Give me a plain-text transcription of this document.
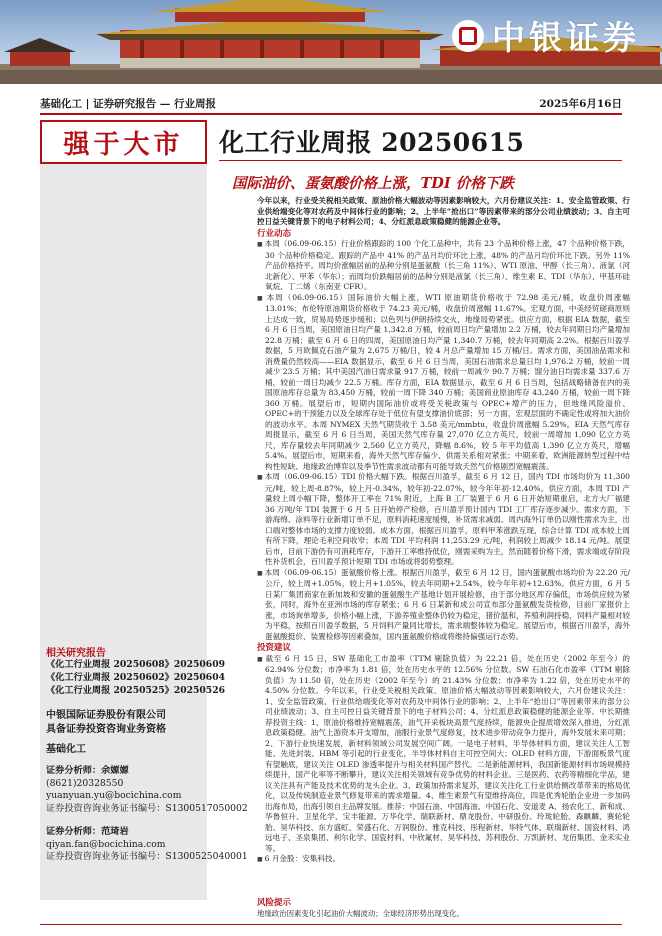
中银证券
基础化工 | 证券研究报告 — 行业周报	2025年6月16日
强于大市
相关研究报告
《化工行业周报 20250608》20250609
《化工行业周报 20250602》20250604
《化工行业周报 20250525》20250526
中银国际证券股份有限公司
具备证券投资咨询业务资格
基础化工
证券分析师：余嫄嫄
(8621)20328550
yuanyuan.yu@bocichina.com
证券投资咨询业务证书编号：S1300517050002
证券分析师：范琦岩
qiyan.fan@bocichina.com
证券投资咨询业务证书编号：S1300525040001
化工行业周报 20250615
国际油价、蛋氨酸价格上涨，TDI 价格下跌

今年以来，行业受关税相关政策、原油价格大幅波动等因素影响较大，六月份建议关注：1、安全监管政策、行业供给端变化等对农药及中间体行业的影响；2、上半年“抢出口”等因素带来的部分公司业绩波动；3、自主可控日益关键背景下的电子材料公司；4、分红派息政策稳健的能源企业等。

行业动态

■ 本周（06.09-06.15）行业价格跟踪的 100 个化工品种中，共有 23 个品种价格上涨，47 个品种价格下跌，30 个品种价格稳定。跟踪的产品中 41% 的产品月均价环比上涨，48% 的产品月均价环比下跌。另外 11% 产品价格持平。周均价涨幅居前的品种分别是蛋氨酸（长三角 11%）、WTI 原油、甲醇（长三角）、液氯（河北新化）、甲苯（华东）；而周均价跌幅居前的品种分别是液氯（长三角）、维生素 E、TDI（华东）、甲基环硅氧烷、丁二烯（东南亚 CFR）。

■ 本周（06.09-06.15）国际油价大幅上涨，WTI 原油期货价格收于 72.98 美元/桶，收盘价周涨幅 13.01%；布伦特原油期货价格收于 74.23 美元/桶，收盘价周涨幅 11.67%。宏观方面，中美经贸磋商原则上达成一致，贸易局势逐步缓和；以色列与伊朗持续交火，地缘局势紧张。供应方面，根据 EIA 数据，截至 6 月 6 日当周，美国原油日均产量 1,342.8 万桶，较前周日均产量增加 2.2 万桶，较去年同期日均产量增加 22.8 万桶；截至 6 月 6 日的四周，美国原油日均产量 1,340.7 万桶，较去年同期高 2.2%。根据百川盈孚数据，5 月欧佩克石油产量为 2,675 万桶/日，较 4 月总产量增加 15 万桶/日。需求方面，美国油品需求和消费量仍然较高——EIA 数据显示，截至 6 月 6 日当周，美国石油需求总量日均 1,976.2 万桶，较前一周减少 23.5 万桶；其中美国汽油日需求量 917 万桶，较前一周减少 90.7 万桶；馏分油日均需求量 337.6 万桶，较前一周日均减少 22.5 万桶。库存方面，EIA 数据显示，截至 6 月 6 日当周，包括战略储备在内的美国原油库存总量为 83,450 万桶，较前一周下降 340 万桶；美国商业原油库存 43,240 万桶，较前一周下降 360 万桶。展望后市，短期内国际油价或将受关税政策与 OPEC+增产的压力，但地缘风险溢价、OPEC+的干预能力以及全球库存处于低位有望支撑油价底部；另一方面，宏观层面的不确定性或将加大油价的波动水平。本周 NYMEX 天然气期货收于 3.58 美元/mmbtu，收盘价周涨幅 5.29%。EIA 天然气库存周报显示，截至 6 月 6 日当周，美国天然气库存量 27,070 亿立方英尺，较前一周增加 1,090 亿立方英尺，库存量较去年同期减少 2,560 亿立方英尺，降幅 8.6%，较 5 年平均值高 1,390 亿立方英尺，增幅 5.4%。展望后市，短期来看，海外天然气库存偏少、供需关系相对紧张；中期来看，欧洲能源转型过程中结构性短缺、地缘政治博弈以及季节性需求波动都有可能导致天然气价格剧烈宽幅震荡。

■ 本周（06.09-06.15）TDI 价格大幅下跌。根据百川盈孚，截至 6 月 12 日，国内 TDI 市场均价为 11,300 元/吨，较上周-8.87%，较上月-0.34%，较年初-22.07%，较今年年初-12.40%。供应方面，本周 TDI 产量较上周小幅下降，整体开工率在 71% 附近，上海 B 工厂装置于 6 月 6 日开始短期重启，北方大厂福建 36 万吨/年 TDI 装置于 6 月 5 日开始停产检修，百川盈孚预计国内 TDI 工厂库存逐步减少。需求方面，下游海绵、涂料等行业新增订单不足，原料消耗速度缓慢，补货需求减弱。周内海外订单仍以刚性需求为主，出口端对整体市场的支撑力度较弱。成本方面，根据百川盈孚，原料甲苯涨跌互现，综合计算 TDI 成本较上周有所下降，理论毛利空间收窄；本周 TDI 平均利润 11,253.29 元/吨，利润较上周减少 18.14 元/吨。展望后市，目前下游仍有可消耗库存，下游开工率维持低位，刚需采购为主，然而随着价格下滑，需求端或存阶段性补货机会，百川盈孚预计短期 TDI 市场或将弱势整理。

■ 本周（06.09-06.15）蛋氨酸价格上涨。根据百川盈孚，截至 6 月 12 日，国内蛋氨酸市场均价为 22.20 元/公斤，较上周+1.05%，较上月+1.05%，较去年同期+2.54%，较今年年初+12.63%。供应方面，6 月 5 日某厂集团商家在新加坡和安徽的蛋氨酸生产基地计划开展检修，由于部分地区库存偏低，市场供应较为紧张，同时，海外在亚洲市场的库存紧张；6 月 6 日某新和成公司宣布部分蛋氨酸发货检修，目前厂家报价上涨，市场询单增多，价格小幅上涨，下游养殖业整体仍较为稳定，猪价温和，养殖利润持稳，饲料产量相对较为平稳，按照百川盈孚数据，5 月饲料产量同比增长，需求端整体较为稳定。展望后市，根据百川盈孚，海外蛋氨酸挺价、装置检修等因素叠加，国内蛋氨酸价格或将维持偏强运行态势。

投资建议

■ 截至 6 月 15 日，SW 基础化工市盈率（TTM 剔除负值）为 22.21 倍，处在历史（2002 年至今）的 62.94% 分位数；市净率为 1.81 倍，处在历史水平的 12.56% 分位数。SW 石油石化市盈率（TTM 剔除负值）为 11.50 倍，处在历史（2002 年至今）的 21.43% 分位数；市净率为 1.22 倍，处在历史水平的 4.50% 分位数。今年以来，行业受关税相关政策、原油价格大幅波动等因素影响较大，六月份建议关注：1、安全监管政策、行业供给端变化等对农药及中间体行业的影响；2、上半年“抢出口”等因素带来的部分公司业绩波动；3、自主可控日益关键背景下的电子材料公司；4、分红派息政策稳健的能源企业等。中长期推荐投资主线：1、原油价格维持宽幅震荡，油气开采板块高景气度持续，能源央企提质增效深入推进，分红派息政策稳健。油气上游资本开支增加，油服行业景气度修复，技术进步带动竞争力提升，海外发展未来可期；2、下游行业快速发展，新材料领域公司发展空间广阔。一是电子材料，半导体材料方面，建议关注人工智能、先进封装、HBM 等引起的行业变化，半导体材料自主可控空间大；OLED 材料方面，下游面板景气度有望触底，建议关注 OLED 渗透率提升与相关材料国产替代。二是新能源材料，我国新能源材料市场规模持续提升，国产化率等不断攀升，建议关注相关领域有竞争优势的材料企业。三是医药、农药等精细化学品，建议关注具有产能及技术优势的龙头企业。3、政策加持需求复苏，建议关注化工行业供给侧改革带来的格局优化，以及传统制造业景气修复带来的需求增量。4、维生素景气有望维持高位，四是优秀轮胎企业进一步加码出海布局，出海引领自主品牌发展。推荐：中国石油、中国海油、中国石化、安道麦 A、扬农化工、新和成、华鲁恒升、卫星化学、宝丰能源、万华化学、瑞联新材、鼎龙股份、中研股份、玲珑轮胎、森麒麟、赛轮轮胎、昊华科技、东方盛虹、荣盛石化、万润股份、雅克科技、彤程新材、华特气体、联瑞新材、国瓷材料、鸿远电子、圣泉集团、利尔化学、国瓷材料、中欣氟材、昊华科技、苏利股份、万凯新材、龙佰集团、金禾实业等。

■ 6 月金股：安集科技。

风险提示
地缘政治因素变化引起油价大幅波动；全球经济形势出现变化。
